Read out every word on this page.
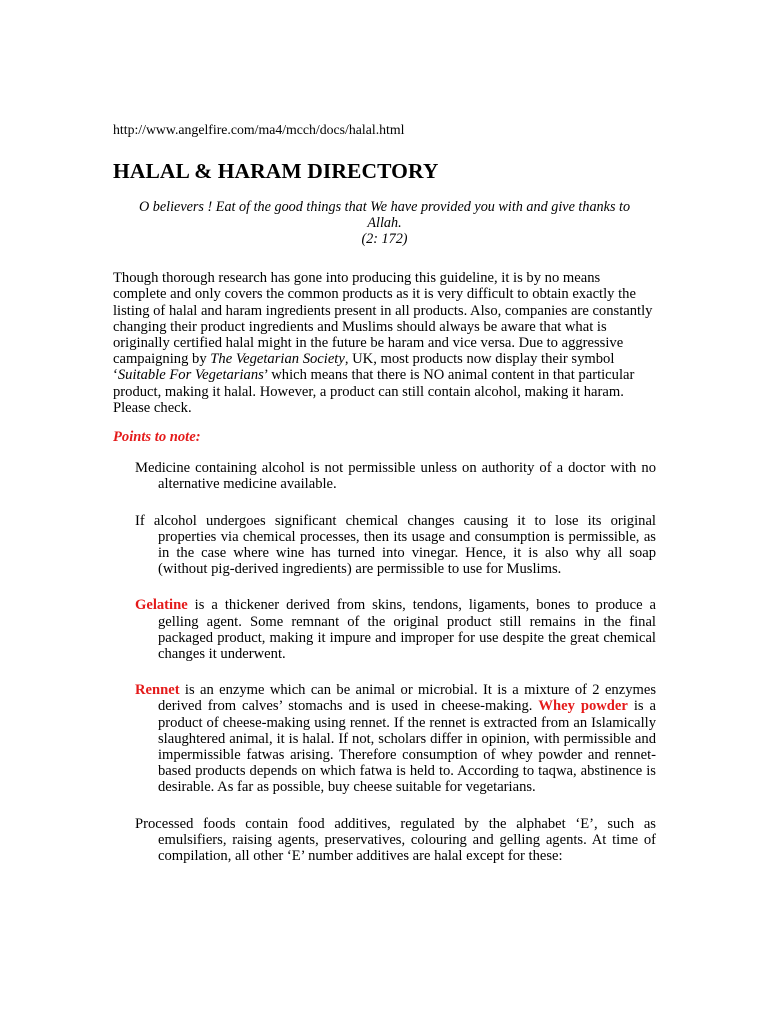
http://www.angelfire.com/ma4/mcch/docs/halal.html

HALAL & HARAM DIRECTORY

O believers ! Eat of the good things that We have provided you with and give thanks to
Allah.
(2: 172)

Though thorough research has gone into producing this guideline, it is by no means complete and only covers the common products as it is very difficult to obtain exactly the listing of halal and haram ingredients present in all products. Also, companies are constantly changing their product ingredients and Muslims should always be aware that what is originally certified halal might in the future be haram and vice versa. Due to aggressive campaigning by The Vegetarian Society, UK, most products now display their symbol ‘Suitable For Vegetarians’ which means that there is NO animal content in that particular product, making it halal. However, a product can still contain alcohol, making it haram. Please check.

Points to note:

Medicine containing alcohol is not permissible unless on authority of a doctor with no alternative medicine available.

If alcohol undergoes significant chemical changes causing it to lose its original properties via chemical processes, then its usage and consumption is permissible, as in the case where wine has turned into vinegar. Hence, it is also why all soap (without pig-derived ingredients) are permissible to use for Muslims.

Gelatine is a thickener derived from skins, tendons, ligaments, bones to produce a gelling agent. Some remnant of the original product still remains in the final packaged product, making it impure and improper for use despite the great chemical changes it underwent.

Rennet is an enzyme which can be animal or microbial. It is a mixture of 2 enzymes derived from calves’ stomachs and is used in cheese-making. Whey powder is a product of cheese-making using rennet. If the rennet is extracted from an Islamically slaughtered animal, it is halal. If not, scholars differ in opinion, with permissible and impermissible fatwas arising. Therefore consumption of whey powder and rennet-based products depends on which fatwa is held to. According to taqwa, abstinence is desirable. As far as possible, buy cheese suitable for vegetarians.

Processed foods contain food additives, regulated by the alphabet ‘E’, such as emulsifiers, raising agents, preservatives, colouring and gelling agents. At time of compilation, all other ‘E’ number additives are halal except for these:
